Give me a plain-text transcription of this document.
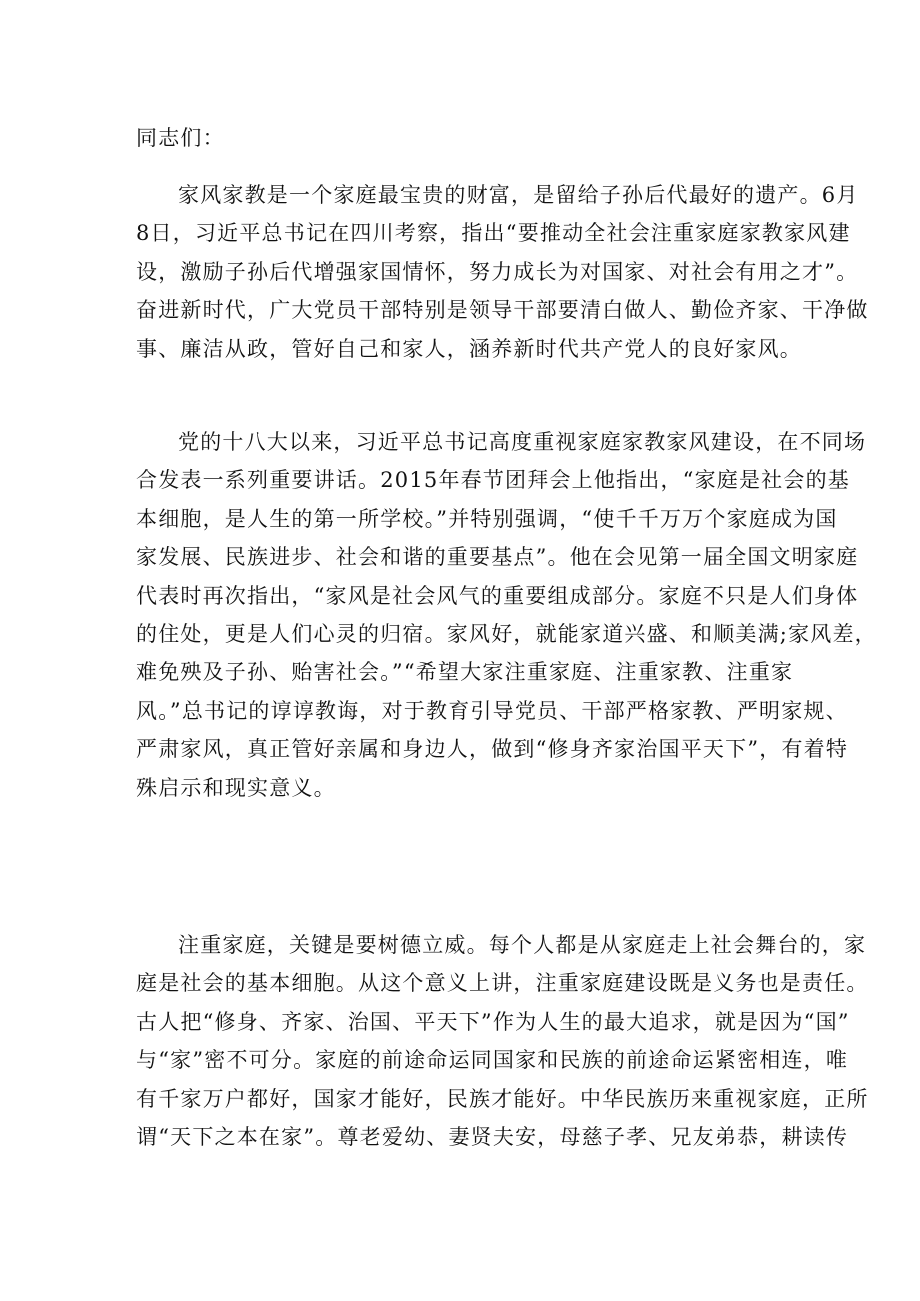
同志们：
家风家教是一个家庭最宝贵的财富，是留给子孙后代最好的遗产。6月
8日，习近平总书记在四川考察，指出“要推动全社会注重家庭家教家风建
设，激励子孙后代增强家国情怀，努力成长为对国家、对社会有用之才”。
奋进新时代，广大党员干部特别是领导干部要清白做人、勤俭齐家、干净做
事、廉洁从政，管好自己和家人，涵养新时代共产党人的良好家风。
党的十八大以来，习近平总书记高度重视家庭家教家风建设，在不同场
合发表一系列重要讲话。2015年春节团拜会上他指出，“家庭是社会的基
本细胞，是人生的第一所学校。”并特别强调，“使千千万万个家庭成为国
家发展、民族进步、社会和谐的重要基点”。他在会见第一届全国文明家庭
代表时再次指出，“家风是社会风气的重要组成部分。家庭不只是人们身体
的住处，更是人们心灵的归宿。家风好，就能家道兴盛、和顺美满;家风差，
难免殃及子孙、贻害社会。”“希望大家注重家庭、注重家教、注重家
风。”总书记的谆谆教诲，对于教育引导党员、干部严格家教、严明家规、
严肃家风，真正管好亲属和身边人，做到“修身齐家治国平天下”，有着特
殊启示和现实意义。
注重家庭，关键是要树德立威。每个人都是从家庭走上社会舞台的，家
庭是社会的基本细胞。从这个意义上讲，注重家庭建设既是义务也是责任。
古人把“修身、齐家、治国、平天下”作为人生的最大追求，就是因为“国”
与“家”密不可分。家庭的前途命运同国家和民族的前途命运紧密相连，唯
有千家万户都好，国家才能好，民族才能好。中华民族历来重视家庭，正所
谓“天下之本在家”。尊老爱幼、妻贤夫安，母慈子孝、兄友弟恭，耕读传
